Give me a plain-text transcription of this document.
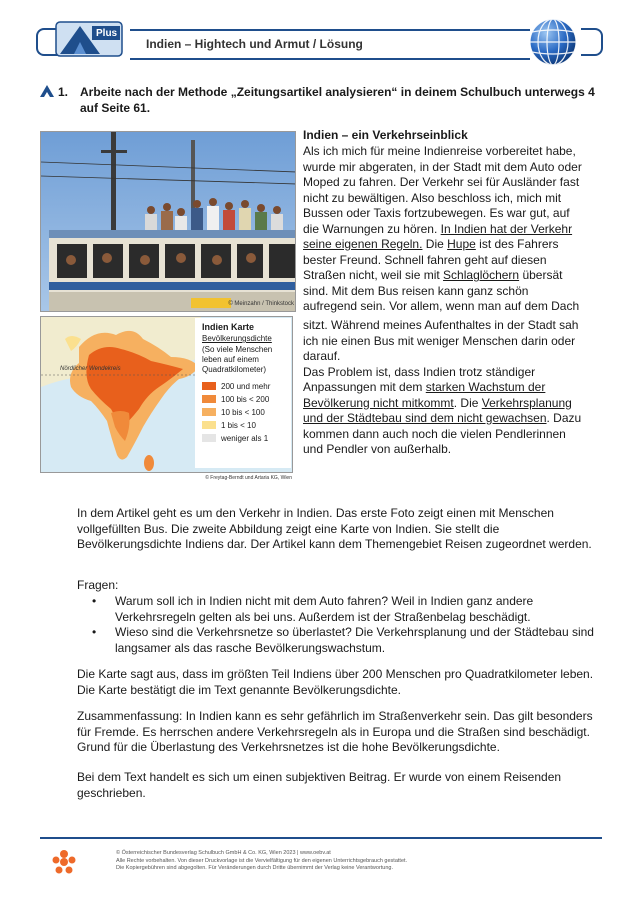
Plus
Indien – Hightech und Armut / Lösung
1. Arbeite nach der Methode „Zeitungsartikel analysieren“ in deinem Schulbuch unterwegs 4 auf Seite 61.
© Meinzahn / Thinkstock
Nördlicher Wendekreis
Indien Karte
Bevölkerungsdichte
(So viele Menschen leben auf einem Quadratkilometer)
200 und mehr
100 bis < 200
10 bis < 100
1 bis < 10
weniger als 1
© Freytag-Berndt und Artaria KG, Wien
Indien – ein Verkehrseinblick
Als ich mich für meine Indienreise vorbereitet habe,
wurde mir abgeraten, in der Stadt mit dem Auto oder
Moped zu fahren. Der Verkehr sei für Ausländer fast
nicht zu bewältigen. Also beschloss ich, mich mit
Bussen oder Taxis fortzubewegen. Es war gut, auf
die Warnungen zu hören. In Indien hat der Verkehr
seine eigenen Regeln. Die Hupe ist des Fahrers
bester Freund. Schnell fahren geht auf diesen
Straßen nicht, weil sie mit Schlaglöchern übersät
sind. Mit dem Bus reisen kann ganz schön
aufregend sein. Vor allem, wenn man auf dem Dach
sitzt. Während meines Aufenthaltes in der Stadt sah
ich nie einen Bus mit weniger Menschen darin oder
darauf.
Das Problem ist, dass Indien trotz ständiger
Anpassungen mit dem starken Wachstum der
Bevölkerung nicht mitkommt. Die Verkehrsplanung
und der Städtebau sind dem nicht gewachsen. Dazu
kommen dann auch noch die vielen Pendlerinnen
und Pendler von außerhalb.
In dem Artikel geht es um den Verkehr in Indien. Das erste Foto zeigt einen mit Menschen vollgefüllten Bus. Die zweite Abbildung zeigt eine Karte von Indien. Sie stellt die Bevölkerungsdichte Indiens dar. Der Artikel kann dem Themengebiet Reisen zugeordnet werden.
Fragen:
• Warum soll ich in Indien nicht mit dem Auto fahren? Weil in Indien ganz andere Verkehrsregeln gelten als bei uns. Außerdem ist der Straßenbelag beschädigt.
• Wieso sind die Verkehrsnetze so überlastet? Die Verkehrsplanung und der Städtebau sind langsamer als das rasche Bevölkerungswachstum.
Die Karte sagt aus, dass im größten Teil Indiens über 200 Menschen pro Quadratkilometer leben. Die Karte bestätigt die im Text genannte Bevölkerungsdichte.
Zusammenfassung: In Indien kann es sehr gefährlich im Straßenverkehr sein. Das gilt besonders für Fremde. Es herrschen andere Verkehrsregeln als in Europa und die Straßen sind beschädigt. Grund für die Überlastung des Verkehrsnetzes ist die hohe Bevölkerungsdichte.
Bei dem Text handelt es sich um einen subjektiven Beitrag. Er wurde von einem Reisenden geschrieben.
© Österreichischer Bundesverlag Schulbuch GmbH & Co. KG, Wien 2023 | www.oebv.at
Alle Rechte vorbehalten. Von dieser Druckvorlage ist die Vervielfältigung für den eigenen Unterrichtsgebrauch gestattet.
Die Kopiergebühren sind abgegolten. Für Veränderungen durch Dritte übernimmt der Verlag keine Verantwortung.
